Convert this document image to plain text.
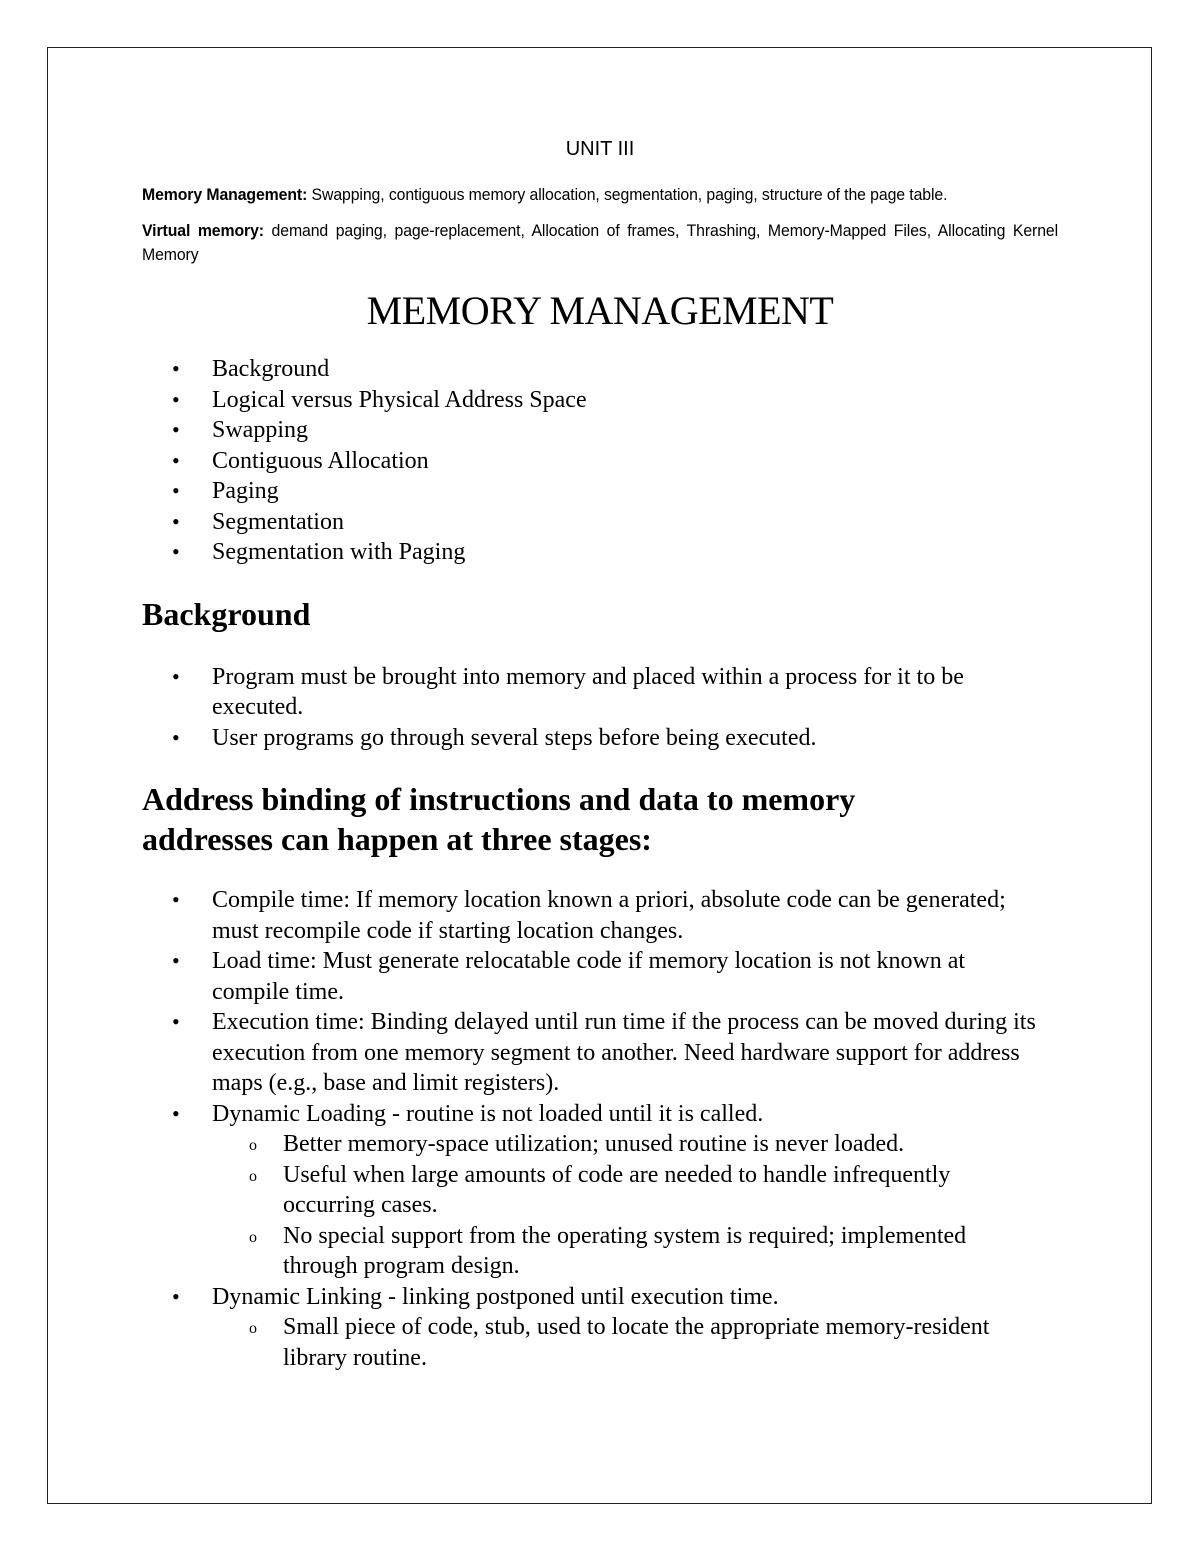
UNIT III

Memory Management: Swapping, contiguous memory allocation, segmentation, paging, structure of the page table.

Virtual memory: demand paging, page-replacement, Allocation of frames, Thrashing, Memory-Mapped Files, Allocating Kernel Memory

MEMORY MANAGEMENT
• Background
• Logical versus Physical Address Space
• Swapping
• Contiguous Allocation
• Paging
• Segmentation
• Segmentation with Paging
Background
• Program must be brought into memory and placed within a process for it to be executed.
• User programs go through several steps before being executed.
Address binding of instructions and data to memory addresses can happen at three stages:
• Compile time: If memory location known a priori, absolute code can be generated; must recompile code if starting location changes.
• Load time: Must generate relocatable code if memory location is not known at compile time.
• Execution time: Binding delayed until run time if the process can be moved during its execution from one memory segment to another. Need hardware support for address maps (e.g., base and limit registers).
• Dynamic Loading - routine is not loaded until it is called.
o Better memory-space utilization; unused routine is never loaded.
o Useful when large amounts of code are needed to handle infrequently occurring cases.
o No special support from the operating system is required; implemented through program design.
• Dynamic Linking - linking postponed until execution time.
o Small piece of code, stub, used to locate the appropriate memory-resident library routine.
